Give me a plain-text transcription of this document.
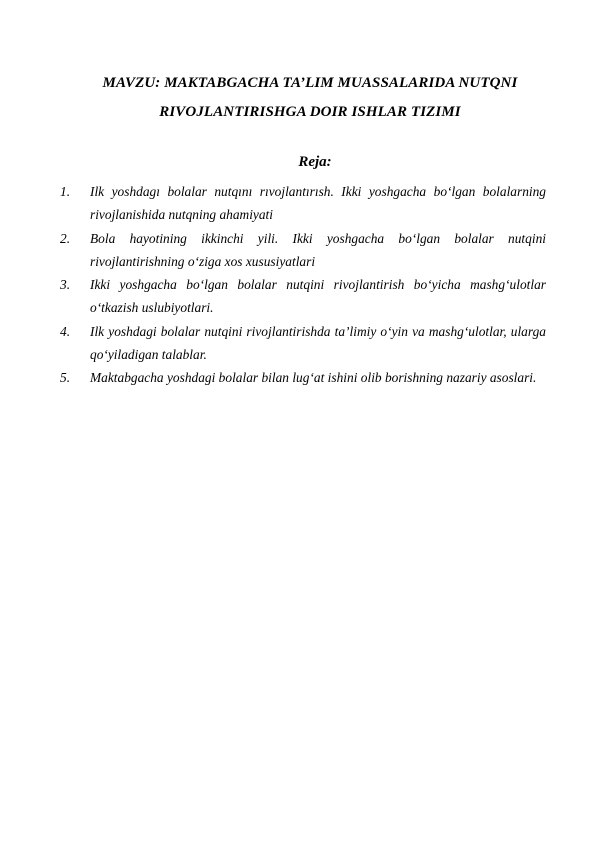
MAVZU: MAKTABGACHA TA’LIM MUASSALARIDA NUTQNI
RIVOJLANTIRISHGA DOIR ISHLAR TIZIMI
Reja:
1. Ilk yoshdagı bolalar nutqını rıvojlantırısh. Ikki yoshgacha bo‘lgan bolalarning rivojlanishida nutqning ahamiyati
2. Bola hayotining ikkinchi yili. Ikki yoshgacha bo‘lgan bolalar nutqini rivojlantirishning o‘ziga xos xususiyatlari
3. Ikki yoshgacha bo‘lgan bolalar nutqini rivojlantirish bo‘yicha mashg‘ulotlar o‘tkazish uslubiyotlari.
4. Ilk yoshdagi bolalar nutqini rivojlantirishda ta’limiy o‘yin va mashg‘ulotlar, ularga qo‘yiladigan talablar.
5. Maktabgacha yoshdagi bolalar bilan lug‘at ishini olib borishning nazariy asoslari.
